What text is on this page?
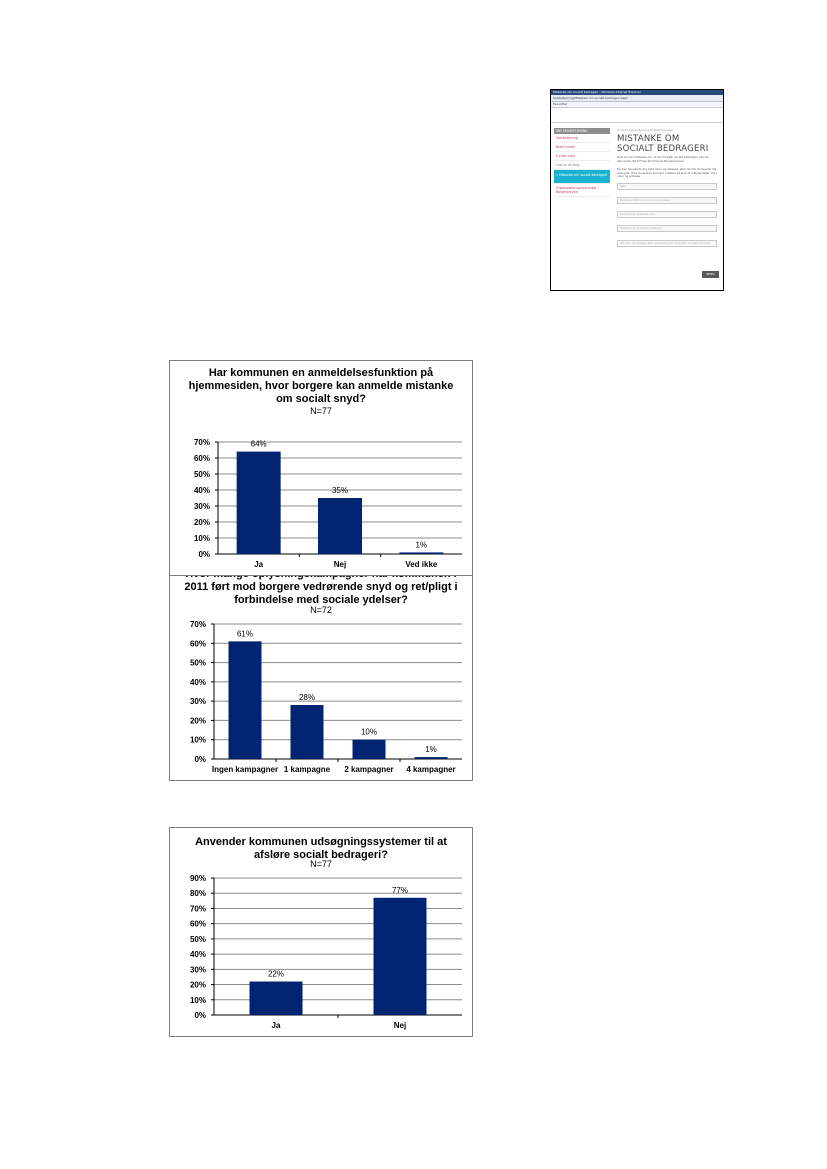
Mistanke om socialt bedrageri - Windows Internet Explorer
Selvbetjening/Mistanke om socialt bedrageri.aspx
Favoritter
DIN SELVBETJENING
Selvbetjening
Bred fundet
Fundet sted
Lost ar en ting
» Mistanke om socialt bedrageri
Organisationsoplysninger / Borgerservice
Forside Selvbetjening Politiet/Svindel
MISTANKE OM SOCIALT BEDRAGERI
Hvis du har mistanke om, at der foregår socialt bedrageri, kan du henvende dig til Faxe Kommunes Borgerservice.
Du kan henvende dig med navn og adresse, eller du kan henvende dig anonymt. Hvis du ønsker anonym omtaler så skal at udfylde felter med navn og adresse.
Navn
Mistanke rettet mod (navn og adresse)
Hvad har du mistanke om?
Hvad har du kunnet konstatere?
Dit navn og adresse (ikke nødvendig hvis du ønsker at være anonym)
SEND
Har kommunen en anmeldelsesfunktion på
hjemmesiden, hvor borgere kan anmelde mistanke
om socialt snyd?
N=77
0%
10%
20%
30%
40%
50%
60%
70%	64%
Ja
35%
Nej
1%
Ved ikke
2011 ført mod borgere vedrørende snyd og ret/pligt i
forbindelse med sociale ydelser?
N=72
0%
10%
20%
30%
40%
50%
60%
70%
61%
Ingen kampagner
28%
1 kampagne
10%
2 kampagner
1%
4 kampagner
Anvender kommunen udsøgningssystemer til at
afsløre socialt bedrageri?
N=77
0%
10%
20%
30%
40%
50%
60%
70%
80%
90%
22%
Ja
77%
Nej
